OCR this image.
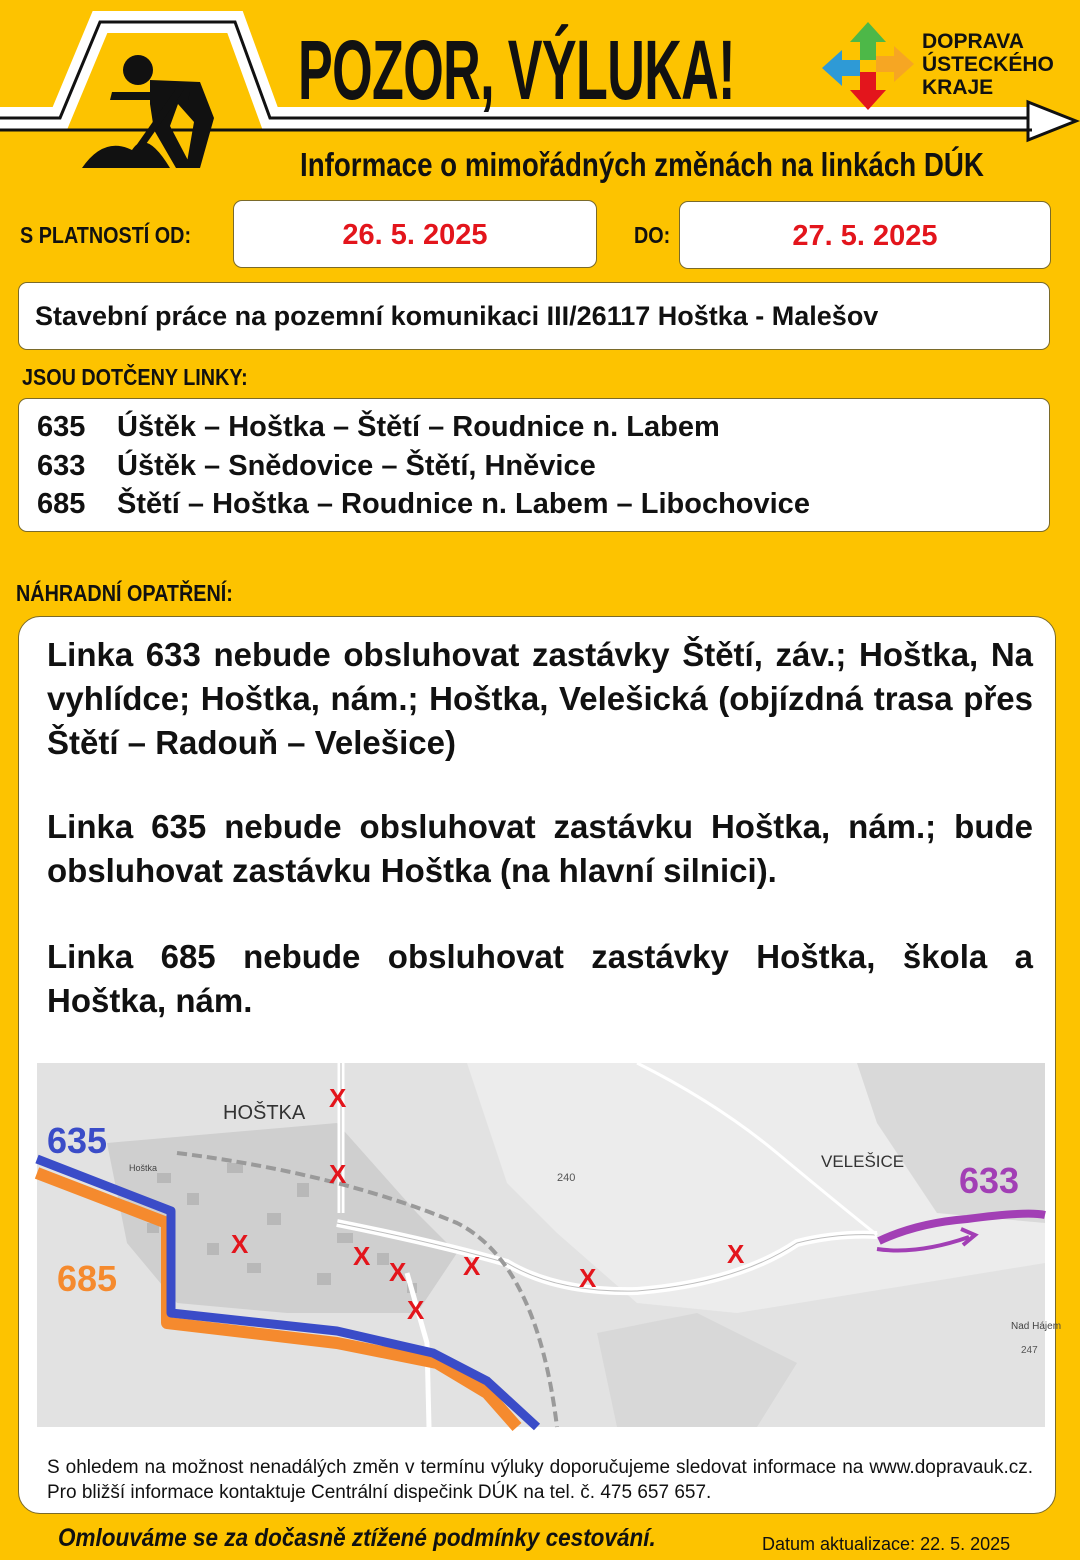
POZOR, VÝLUKA!	DOPRAVA
ÚSTECKÉHO
KRAJE
Informace o mimořádných změnách na linkách DÚK
S PLATNOSTÍ OD:	26. 5. 2025	DO:	27. 5. 2025
Stavební práce na pozemní komunikaci III/26117 Hoštka - Malešov
JSOU DOTČENY LINKY:
635 Úštěk – Hoštka – Štětí – Roudnice n. Labem
633 Úštěk – Snědovice – Štětí, Hněvice
685 Štětí – Hoštka – Roudnice n. Labem – Libochovice
NÁHRADNÍ OPATŘENÍ:
Linka 633 nebude obsluhovat zastávky Štětí, záv.; Hoštka, Na vyhlídce; Hoštka, nám.; Hoštka, Velešická (objízdná trasa přes Štětí – Radouň – Velešice)
Linka 635 nebude obsluhovat zastávku Hoštka, nám.; bude obsluhovat zastávku Hoštka (na hlavní silnici).
Linka 685 nebude obsluhovat zastávky Hoštka, škola a Hoštka, nám.
HOŠTKA
VELEŠICE
Hoštka
Nad Hájem
240
247
635
685
633
X
X
X	X
X
X
X	X
X
S ohledem na možnost nenadálých změn v termínu výluky doporučujeme sledovat informace na www.dopravauk.cz. Pro bližší informace kontaktuje Centrální dispečink DÚK na tel. č. 475 657 657.
Omlouváme se za dočasně ztížené podmínky cestování.	Datum aktualizace: 22. 5. 2025
